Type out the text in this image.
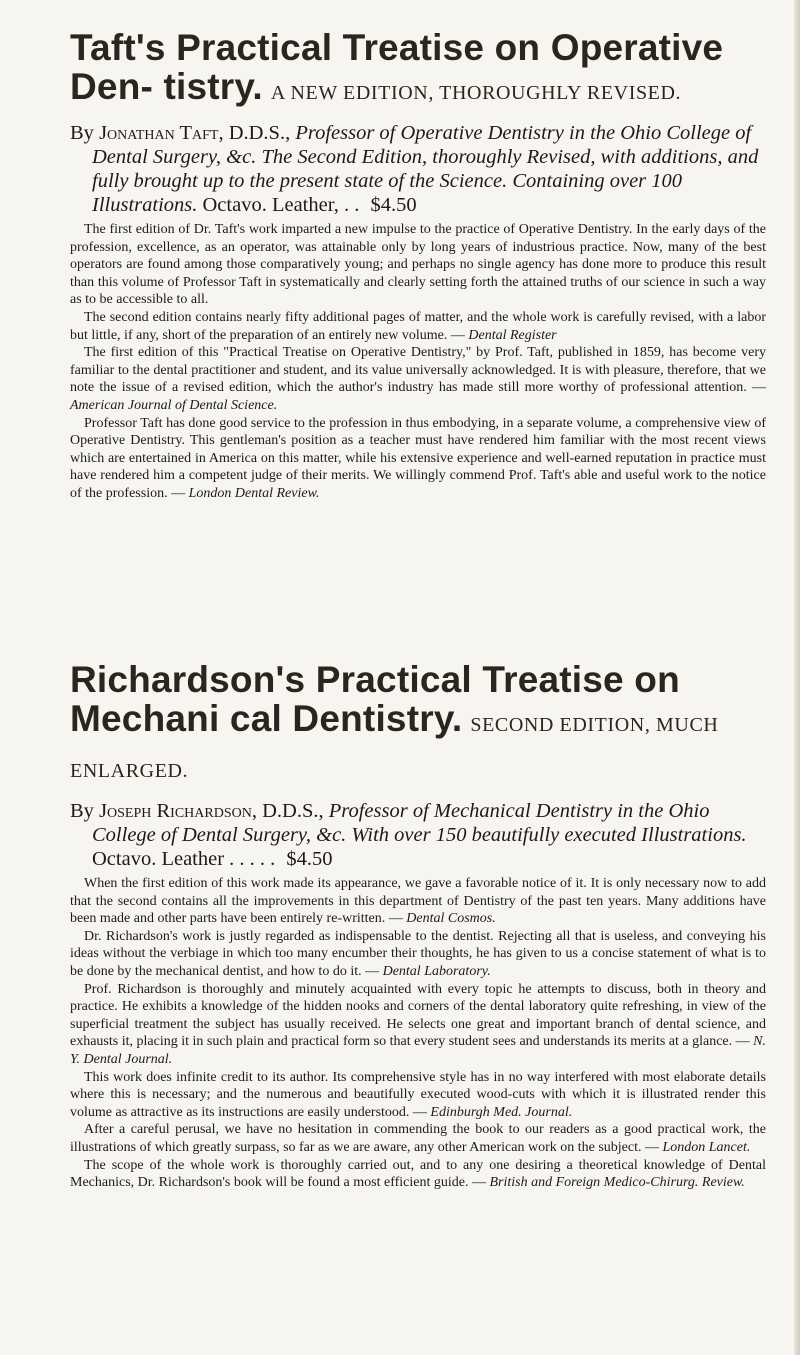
Taft's Practical Treatise on Operative Den- tistry. A NEW EDITION, THOROUGHLY REVISED.
By Jonathan Taft, D.D.S., Professor of Operative Dentistry in the Ohio College of Dental Surgery, &c. The Second Edition, thoroughly Revised, with additions, and fully brought up to the present state of the Science. Containing over 100 Illustrations. Octavo. Leather, . . $4.50

The first edition of Dr. Taft's work imparted a new impulse to the practice of Operative Dentistry. In the early days of the profession, excellence, as an operator, was attainable only by long years of industrious practice. Now, many of the best operators are found among those comparatively young; and perhaps no single agency has done more to produce this result than this volume of Professor Taft in systematically and clearly setting forth the attained truths of our science in such a way as to be accessible to all.

The second edition contains nearly fifty additional pages of matter, and the whole work is carefully revised, with a labor but little, if any, short of the preparation of an entirely new volume. — Dental Register

The first edition of this "Practical Treatise on Operative Dentistry," by Prof. Taft, published in 1859, has become very familiar to the dental practitioner and student, and its value universally acknowledged. It is with pleasure, therefore, that we note the issue of a revised edition, which the author's industry has made still more worthy of professional attention. — American Journal of Dental Science.

Professor Taft has done good service to the profession in thus embodying, in a separate volume, a comprehensive view of Operative Dentistry. This gentleman's position as a teacher must have rendered him familiar with the most recent views which are entertained in America on this matter, while his extensive experience and well-earned reputation in practice must have rendered him a competent judge of their merits. We willingly commend Prof. Taft's able and useful work to the notice of the profession. — London Dental Review.

Richardson's Practical Treatise on Mechani cal Dentistry. SECOND EDITION, MUCH ENLARGED.
By Joseph Richardson, D.D.S., Professor of Mechanical Dentistry in the Ohio College of Dental Surgery, &c. With over 150 beautifully executed Illustrations. Octavo. Leather . . . . . $4.50

When the first edition of this work made its appearance, we gave a favorable notice of it. It is only necessary now to add that the second contains all the improvements in this department of Dentistry of the past ten years. Many additions have been made and other parts have been entirely re-written. — Dental Cosmos.

Dr. Richardson's work is justly regarded as indispensable to the dentist. Rejecting all that is useless, and conveying his ideas without the verbiage in which too many encumber their thoughts, he has given to us a concise statement of what is to be done by the mechanical dentist, and how to do it. — Dental Laboratory.

Prof. Richardson is thoroughly and minutely acquainted with every topic he attempts to discuss, both in theory and practice. He exhibits a knowledge of the hidden nooks and corners of the dental laboratory quite refreshing, in view of the superficial treatment the subject has usually received. He selects one great and important branch of dental science, and exhausts it, placing it in such plain and practical form so that every student sees and understands its merits at a glance. — N. Y. Dental Journal.

This work does infinite credit to its author. Its comprehensive style has in no way interfered with most elaborate details where this is necessary; and the numerous and beautifully executed wood-cuts with which it is illustrated render this volume as attractive as its instructions are easily understood. — Edinburgh Med. Journal.

After a careful perusal, we have no hesitation in commending the book to our readers as a good practical work, the illustrations of which greatly surpass, so far as we are aware, any other American work on the subject. — London Lancet.

The scope of the whole work is thoroughly carried out, and to any one desiring a theoretical knowledge of Dental Mechanics, Dr. Richardson's book will be found a most efficient guide. — British and Foreign Medico-Chirurg. Review.
